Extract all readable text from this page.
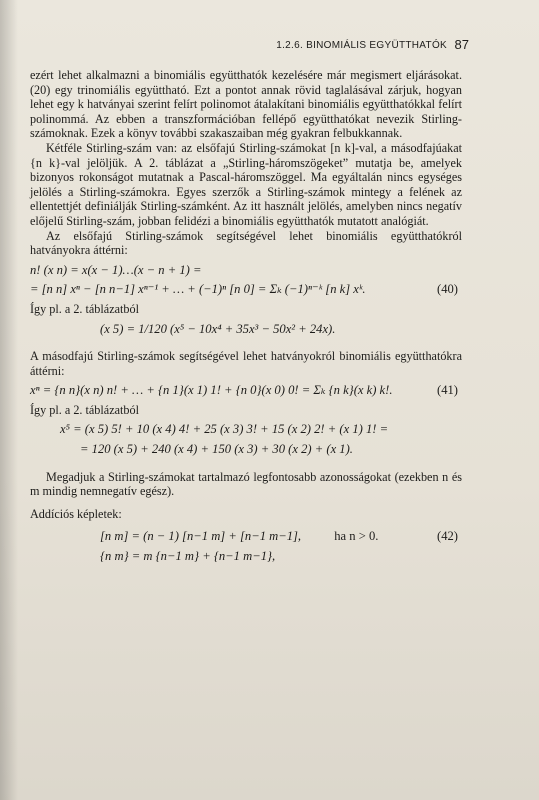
1.2.6. BINOMIÁLIS EGYÜTTHATÓK 87

ezért lehet alkalmazni a binomiális együtthatók kezelésére már megismert eljárásokat. (20) egy trinomiális együttható. Ezt a pontot annak rövid taglalásával zárjuk, hogyan lehet egy k hatványai szerint felírt polinomot átalakítani binomiális együtthatókkal felírt polinommá. Az ebben a transzformációban fellépő együtthatókat nevezik Stirling-számoknak. Ezek a könyv további szakaszaiban még gyakran felbukkannak.

Kétféle Stirling-szám van: az elsőfajú Stirling-számokat [n k]-val, a másodfajúakat {n k}-val jelöljük. A 2. táblázat a „Stirling-háromszögeket” mutatja be, amelyek bizonyos rokonságot mutatnak a Pascal-háromszöggel. Ma egyáltalán nincs egységes jelölés a Stirling-számokra. Egyes szerzők a Stirling-számok mintegy a felének az ellentettjét definiálják Stirling-számként. Az itt használt jelölés, amelyben nincs negatív előjelű Stirling-szám, jobban felidézi a binomiális együtthatók mutatott analógiát.

Az elsőfajú Stirling-számok segítségével lehet binomiális együtthatókról hatványokra áttérni:

n! (x n) = x(x − 1)…(x − n + 1) =
= [n n] xⁿ − [n n−1] xⁿ⁻¹ + … + (−1)ⁿ [n 0] = Σₖ (−1)ⁿ⁻ᵏ [n k] xᵏ.	(40)

Így pl. a 2. táblázatból

(x 5) = 1/120 (x⁵ − 10x⁴ + 35x³ − 50x² + 24x).

A másodfajú Stirling-számok segítségével lehet hatványokról binomiális együtthatókra áttérni:

xⁿ = {n n}(x n) n! + … + {n 1}(x 1) 1! + {n 0}(x 0) 0! = Σₖ {n k}(x k) k!.	(41)

Így pl. a 2. táblázatból

x⁵ = (x 5) 5! + 10 (x 4) 4! + 25 (x 3) 3! + 15 (x 2) 2! + (x 1) 1! =
= 120 (x 5) + 240 (x 4) + 150 (x 3) + 30 (x 2) + (x 1).

Megadjuk a Stirling-számokat tartalmazó legfontosabb azonosságokat (ezekben n és m mindig nemnegatív egész).

Addíciós képletek:

[n m] = (n − 1) [n−1 m] + [n−1 m−1],	ha n > 0.	(42)
{n m} = m {n−1 m} + {n−1 m−1},
